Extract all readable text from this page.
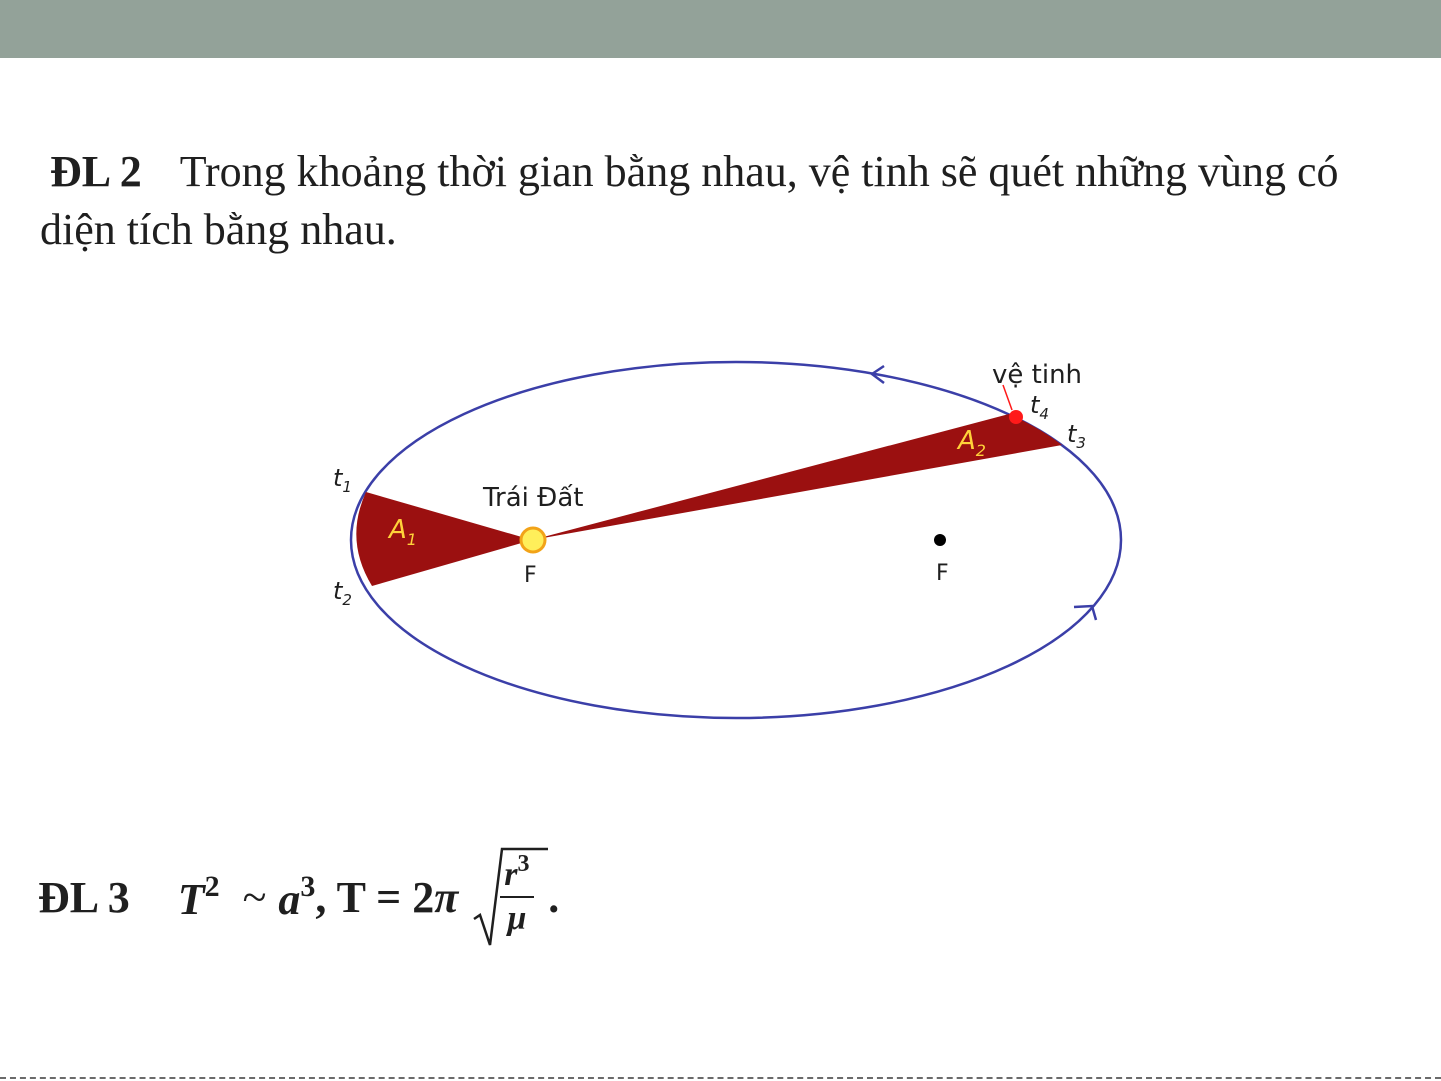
ĐL 2 Trong khoảng thời gian bằng nhau, vệ tinh sẽ quét những vùng có diện tích bằng nhau.
vệ tinh
Trái Đất
F	F
$A_1$
$A_2$
$t_1$
$t_2$
$t_3$
$t_4$
ĐL 3 $T^2$ ~ $a^3$, $T = 2\pi \frac{r^3}{\mu}$ .
